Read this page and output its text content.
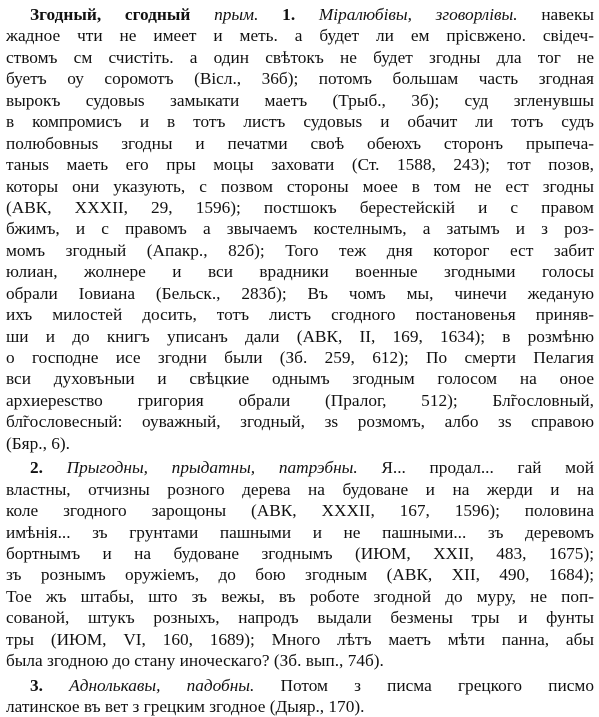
Згодный, сгодный прым. 1. Міралюбівы, зговорлівы. навекы
жадное чти не имеет и меть. а будет ли ем прісвжено. свідеч-
ствомъ см счистіть. а один свѣтокъ не будет згодны дла тог не
буетъ оу соромотъ (Віcл., 36б); потомъ большам часть згодная
вырокъ судовыs замыкати маетъ (Трыб., 3б); суд згленувшы
в компромисъ и в тотъ листъ судовыs и обачит ли тотъ судъ
полюбовныs згодны и печатми своѣ обеюхъ сторонъ прыпеча-
таныs маеть его пры моцы заховати (Ст. 1588, 243); тот позов,
которы они указують, с позвом стороны моее в том не ест згодны
(АВК, XXXII, 29, 1596); постшокъ берестейскій и с правом
бжимъ, и с правомъ а звычаемъ костелнымъ, а затымъ и з роз-
момъ згодный (Апакр., 82б); Того теж дня которог ест забит
юлиан, жолнере и вси врадники военные згодными голосы
обрали Іовиана (Бельск., 283б); Въ чомъ мы, чинечи жеданую
ихъ милостей досить, тотъ листъ сгодного постановенья приняв-
ши и до книгъ уписанъ дали (АВК, II, 169, 1634); в розмѣню
о господне исе згодни были (Зб. 259, 612); По смерти Пелагия
вси духовъныи и свѣцкие однымъ згодным голосом на оное
архиереsство григория обрали (Пралог, 512); Бл̃гословный,
бл̃гословесный: оуважный, згодный, зs розмомъ, албо зs справою
(Бяр., 6).
2. Прыгодны, прыдатны, патрэбны. Я... продал... гай мой
властны, отчизны розного дерева на будоване и на жерди и на
коле згодного зарощоны (АВК, XXXII, 167, 1596); половина
имѣнія... зъ грунтами пашными и не пашными... зъ деревомъ
бортнымъ и на будоване згоднымъ (ИЮМ, XXII, 483, 1675);
зъ рознымъ оружіемъ, до бою згодным (АВК, XII, 490, 1684);
Тое жъ штабы, што зъ вежы, въ роботе згодной до муру, не поп-
сованой, штукъ розныхъ, напродъ выдали безмены тры и фунты
тры (ИЮМ, VI, 160, 1689); Много лѣтъ маетъ мѣти панна, абы
была згодною до стану иноческаго? (Зб. вып., 74б).
3. Аднолькавы, падобны. Потом з писма грецкого писмо
латинское въ вет з грецким згодное (Дыяр., 170).
